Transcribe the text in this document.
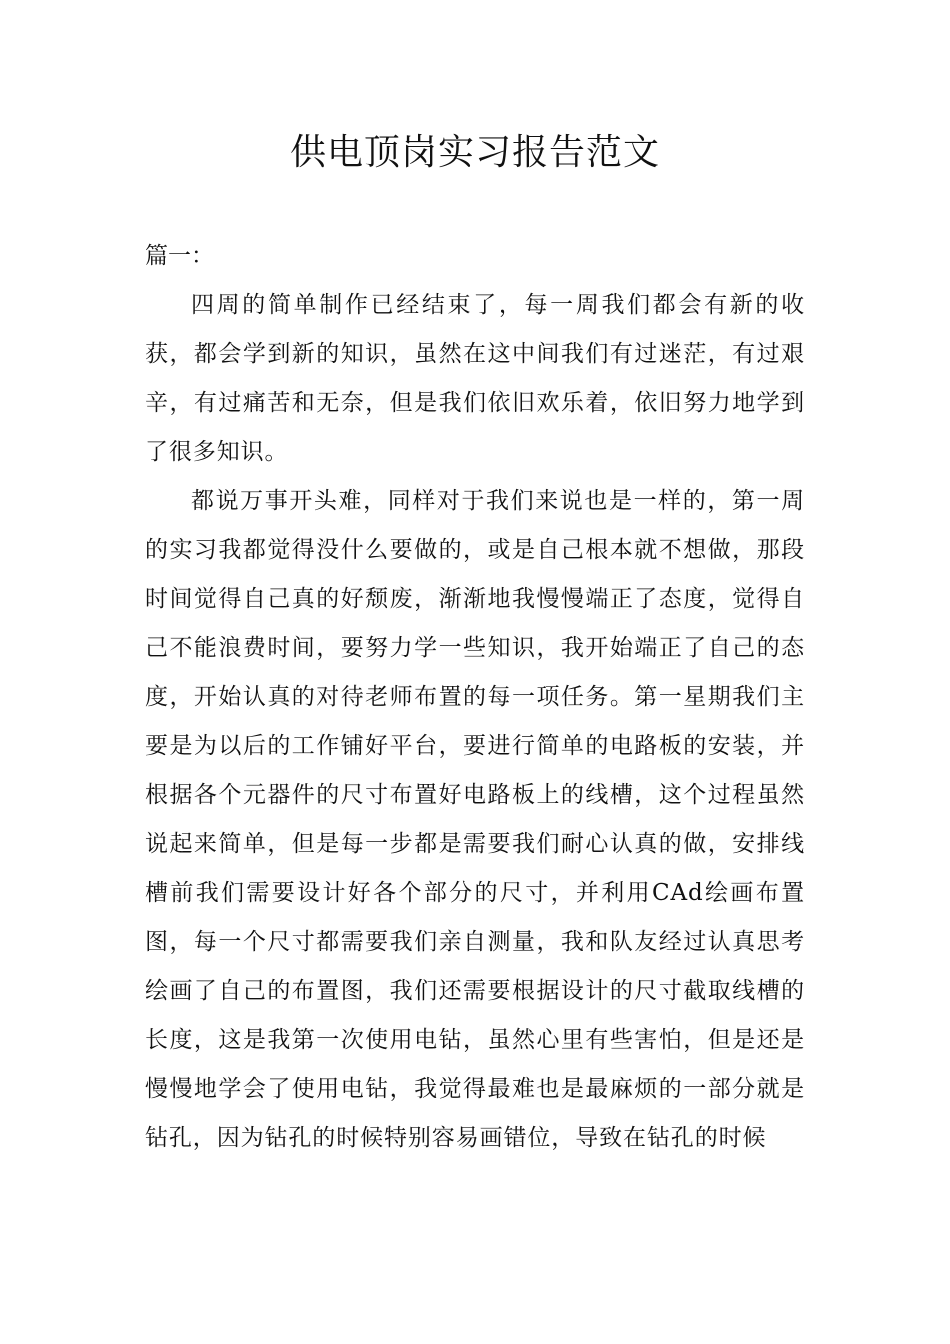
供电顶岗实习报告范文
篇一：

四周的简单制作已经结束了，每一周我们都会有新的收获，都会学到新的知识，虽然在这中间我们有过迷茫，有过艰辛，有过痛苦和无奈，但是我们依旧欢乐着，依旧努力地学到了很多知识。

都说万事开头难，同样对于我们来说也是一样的，第一周的实习我都觉得没什么要做的，或是自己根本就不想做，那段时间觉得自己真的好颓废，渐渐地我慢慢端正了态度，觉得自己不能浪费时间，要努力学一些知识，我开始端正了自己的态度，开始认真的对待老师布置的每一项任务。第一星期我们主要是为以后的工作铺好平台，要进行简单的电路板的安装，并根据各个元器件的尺寸布置好电路板上的线槽，这个过程虽然说起来简单，但是每一步都是需要我们耐心认真的做，安排线槽前我们需要设计好各个部分的尺寸，并利用CAd绘画布置图，每一个尺寸都需要我们亲自测量，我和队友经过认真思考绘画了自己的布置图，我们还需要根据设计的尺寸截取线槽的长度，这是我第一次使用电钻，虽然心里有些害怕，但是还是慢慢地学会了使用电钻，我觉得最难也是最麻烦的一部分就是钻孔，因为钻孔的时候特别容易画错位，导致在钻孔的时候
